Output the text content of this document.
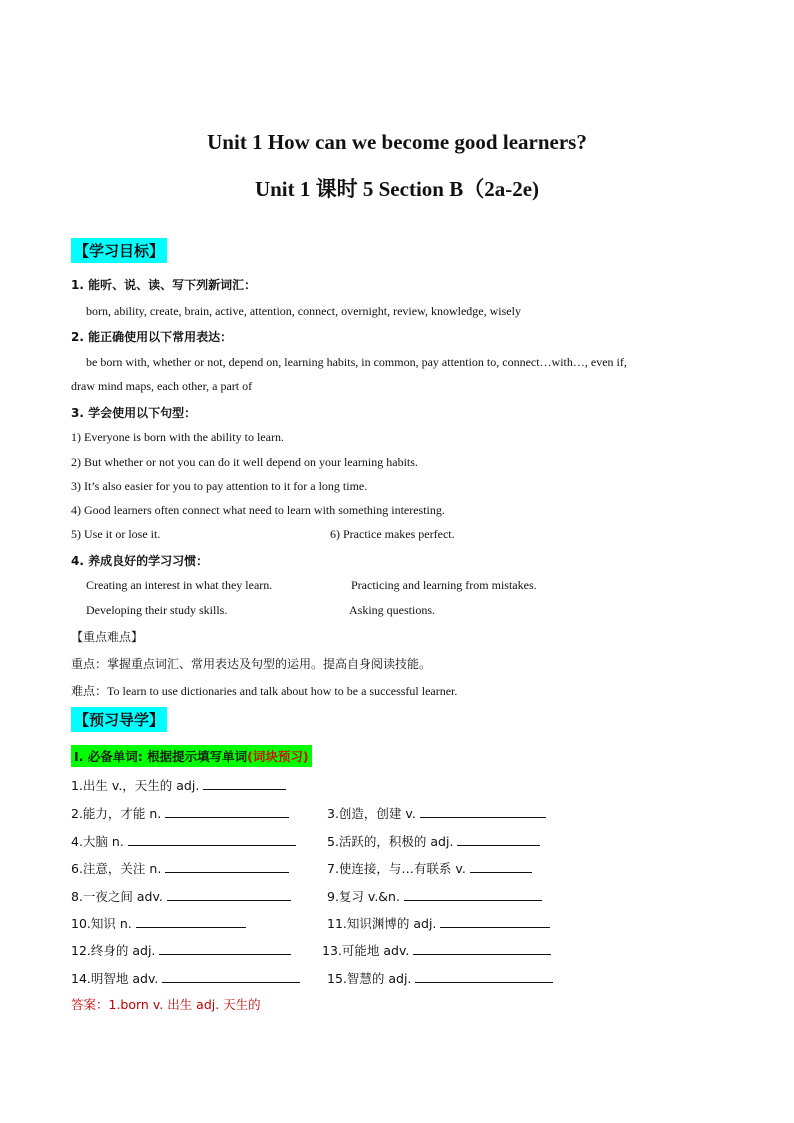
Unit 1 How can we become good learners?
Unit 1 课时 5 Section B（2a-2e)
【学习目标】
1. 能听、说、读、写下列新词汇：
born, ability, create, brain, active, attention, connect, overnight, review, knowledge, wisely
2. 能正确使用以下常用表达：
be born with, whether or not, depend on, learning habits, in common, pay attention to, connect…with…, even if,
draw mind maps, each other, a part of
3. 学会使用以下句型：
1) Everyone is born with the ability to learn.
2) But whether or not you can do it well depend on your learning habits.
3) It’s also easier for you to pay attention to it for a long time.
4) Good learners often connect what need to learn with something interesting.
5) Use it or lose it.	6) Practice makes perfect.
4. 养成良好的学习习惯：
Creating an interest in what they learn.	Practicing and learning from mistakes.
Developing their study skills.	Asking questions.
【重点难点】
重点：掌握重点词汇、常用表达及句型的运用。提高自身阅读技能。
难点：To learn to use dictionaries and talk about how to be a successful learner.
【预习导学】
Ⅰ. 必备单词: 根据提示填写单词(词块预习)
1.出生 v.，天生的 adj.
2.能力，才能 n.	3.创造，创建 v.
4.大脑 n.	5.活跃的，积极的 adj.
6.注意，关注 n.	7.使连接，与…有联系 v.
8.一夜之间 adv.	9.复习 v.&n.
10.知识 n.	11.知识渊博的 adj.
12.终身的 adj.	13.可能地 adv.
14.明智地 adv.	15.智慧的 adj.
答案：1.born v. 出生 adj. 天生的
